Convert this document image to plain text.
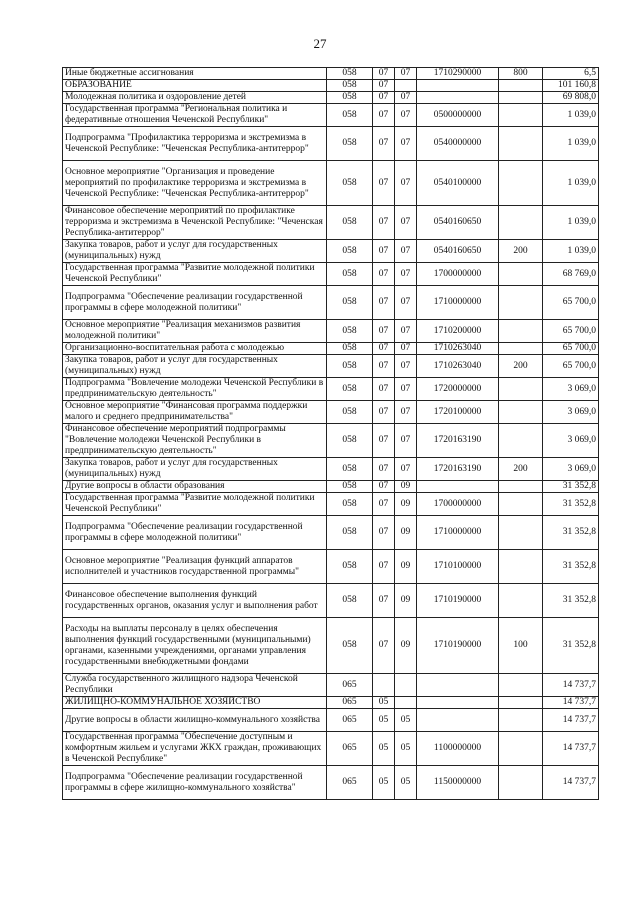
27
Иные бюджетные ассигнования	058	07	07	1710290000	800	6,5
ОБРАЗОВАНИЕ	058	07				101 160,8
Молодежная политика и оздоровление детей	058	07	07			69 808,0
Государственная программа "Региональная политика и федеративные отношения Чеченской Республики"	058	07	07	0500000000		1 039,0
Подпрограмма "Профилактика терроризма и экстремизма в Чеченской Республике: "Чеченская Республика-антитеррор"	058	07	07	0540000000		1 039,0
Основное мероприятие "Организация и проведение мероприятий по профилактике терроризма и экстремизма в Чеченской Республике: "Чеченская Республика-антитеррор"	058	07	07	0540100000		1 039,0
Финансовое обеспечение мероприятий по профилактике терроризма и экстремизма в Чеченской Республике: "Чеченская Республика-антитеррор"	058	07	07	0540160650		1 039,0
Закупка товаров, работ и услуг для государственных (муниципальных) нужд	058	07	07	0540160650	200	1 039,0
Государственная программа "Развитие молодежной политики Чеченской Республики"	058	07	07	1700000000		68 769,0
Подпрограмма "Обеспечение реализации государственной программы в сфере молодежной политики"	058	07	07	1710000000		65 700,0
Основное мероприятие "Реализация механизмов развития молодежной политики"	058	07	07	1710200000		65 700,0
Организационно-воспитательная работа с молодежью	058	07	07	1710263040		65 700,0
Закупка товаров, работ и услуг для государственных (муниципальных) нужд	058	07	07	1710263040	200	65 700,0
Подпрограмма "Вовлечение молодежи Чеченской Республики в предпринимательскую деятельность"	058	07	07	1720000000		3 069,0
Основное мероприятие "Финансовая программа поддержки малого и среднего предпринимательства"	058	07	07	1720100000		3 069,0
Финансовое обеспечение мероприятий подпрограммы "Вовлечение молодежи Чеченской Республики в предпринимательскую деятельность"	058	07	07	1720163190		3 069,0
Закупка товаров, работ и услуг для государственных (муниципальных) нужд	058	07	07	1720163190	200	3 069,0
Другие вопросы в области образования	058	07	09			31 352,8
Государственная программа "Развитие молодежной политики Чеченской Республики"	058	07	09	1700000000		31 352,8
Подпрограмма "Обеспечение реализации государственной программы в сфере молодежной политики"	058	07	09	1710000000		31 352,8
Основное мероприятие "Реализация функций аппаратов исполнителей и участников государственной программы"	058	07	09	1710100000		31 352,8
Финансовое обеспечение выполнения функций государственных органов, оказания услуг и выполнения работ	058	07	09	1710190000		31 352,8
Расходы на выплаты персоналу в целях обеспечения выполнения функций государственными (муниципальными) органами, казенными учреждениями, органами управления государственными внебюджетными фондами	058	07	09	1710190000	100	31 352,8
Служба государственного жилищного надзора Чеченской Республики	065					14 737,7
ЖИЛИЩНО-КОММУНАЛЬНОЕ ХОЗЯЙСТВО	065	05				14 737,7
Другие вопросы в области жилищно-коммунального хозяйства	065	05	05			14 737,7
Государственная программа "Обеспечение доступным и комфортным жильем и услугами ЖКХ граждан, проживающих в Чеченской Республике"	065	05	05	1100000000		14 737,7
Подпрограмма "Обеспечение реализации государственной программы в сфере жилищно-коммунального хозяйства"	065	05	05	1150000000		14 737,7
